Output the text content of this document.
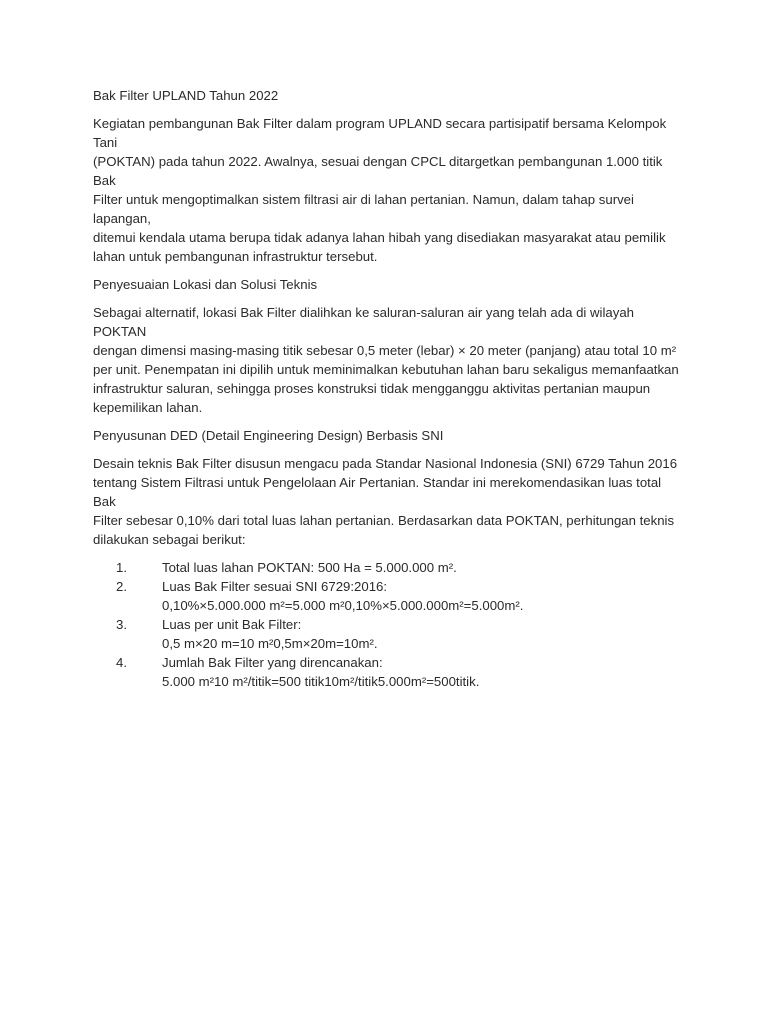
Bak Filter UPLAND Tahun 2022
Kegiatan pembangunan Bak Filter dalam program UPLAND secara partisipatif bersama Kelompok Tani
(POKTAN) pada tahun 2022. Awalnya, sesuai dengan CPCL ditargetkan pembangunan 1.000 titik Bak
Filter untuk mengoptimalkan sistem filtrasi air di lahan pertanian. Namun, dalam tahap survei lapangan,
ditemui kendala utama berupa tidak adanya lahan hibah yang disediakan masyarakat atau pemilik
lahan untuk pembangunan infrastruktur tersebut.
Penyesuaian Lokasi dan Solusi Teknis
Sebagai alternatif, lokasi Bak Filter dialihkan ke saluran-saluran air yang telah ada di wilayah POKTAN
dengan dimensi masing-masing titik sebesar 0,5 meter (lebar) × 20 meter (panjang) atau total 10 m²
per unit. Penempatan ini dipilih untuk meminimalkan kebutuhan lahan baru sekaligus memanfaatkan
infrastruktur saluran, sehingga proses konstruksi tidak mengganggu aktivitas pertanian maupun
kepemilikan lahan.
Penyusunan DED (Detail Engineering Design) Berbasis SNI
Desain teknis Bak Filter disusun mengacu pada Standar Nasional Indonesia (SNI) 6729 Tahun 2016
tentang Sistem Filtrasi untuk Pengelolaan Air Pertanian. Standar ini merekomendasikan luas total Bak
Filter sebesar 0,10% dari total luas lahan pertanian. Berdasarkan data POKTAN, perhitungan teknis
dilakukan sebagai berikut:
1.	Total luas lahan POKTAN: 500 Ha = 5.000.000 m².
2.	Luas Bak Filter sesuai SNI 6729:2016:
0,10%×5.000.000 m²=5.000 m²0,10%×5.000.000m²=5.000m².
3.	Luas per unit Bak Filter:
0,5 m×20 m=10 m²0,5m×20m=10m².
4.	Jumlah Bak Filter yang direncanakan:
5.000 m²10 m²/titik=500 titik10m²/titik5.000m²=500titik.
